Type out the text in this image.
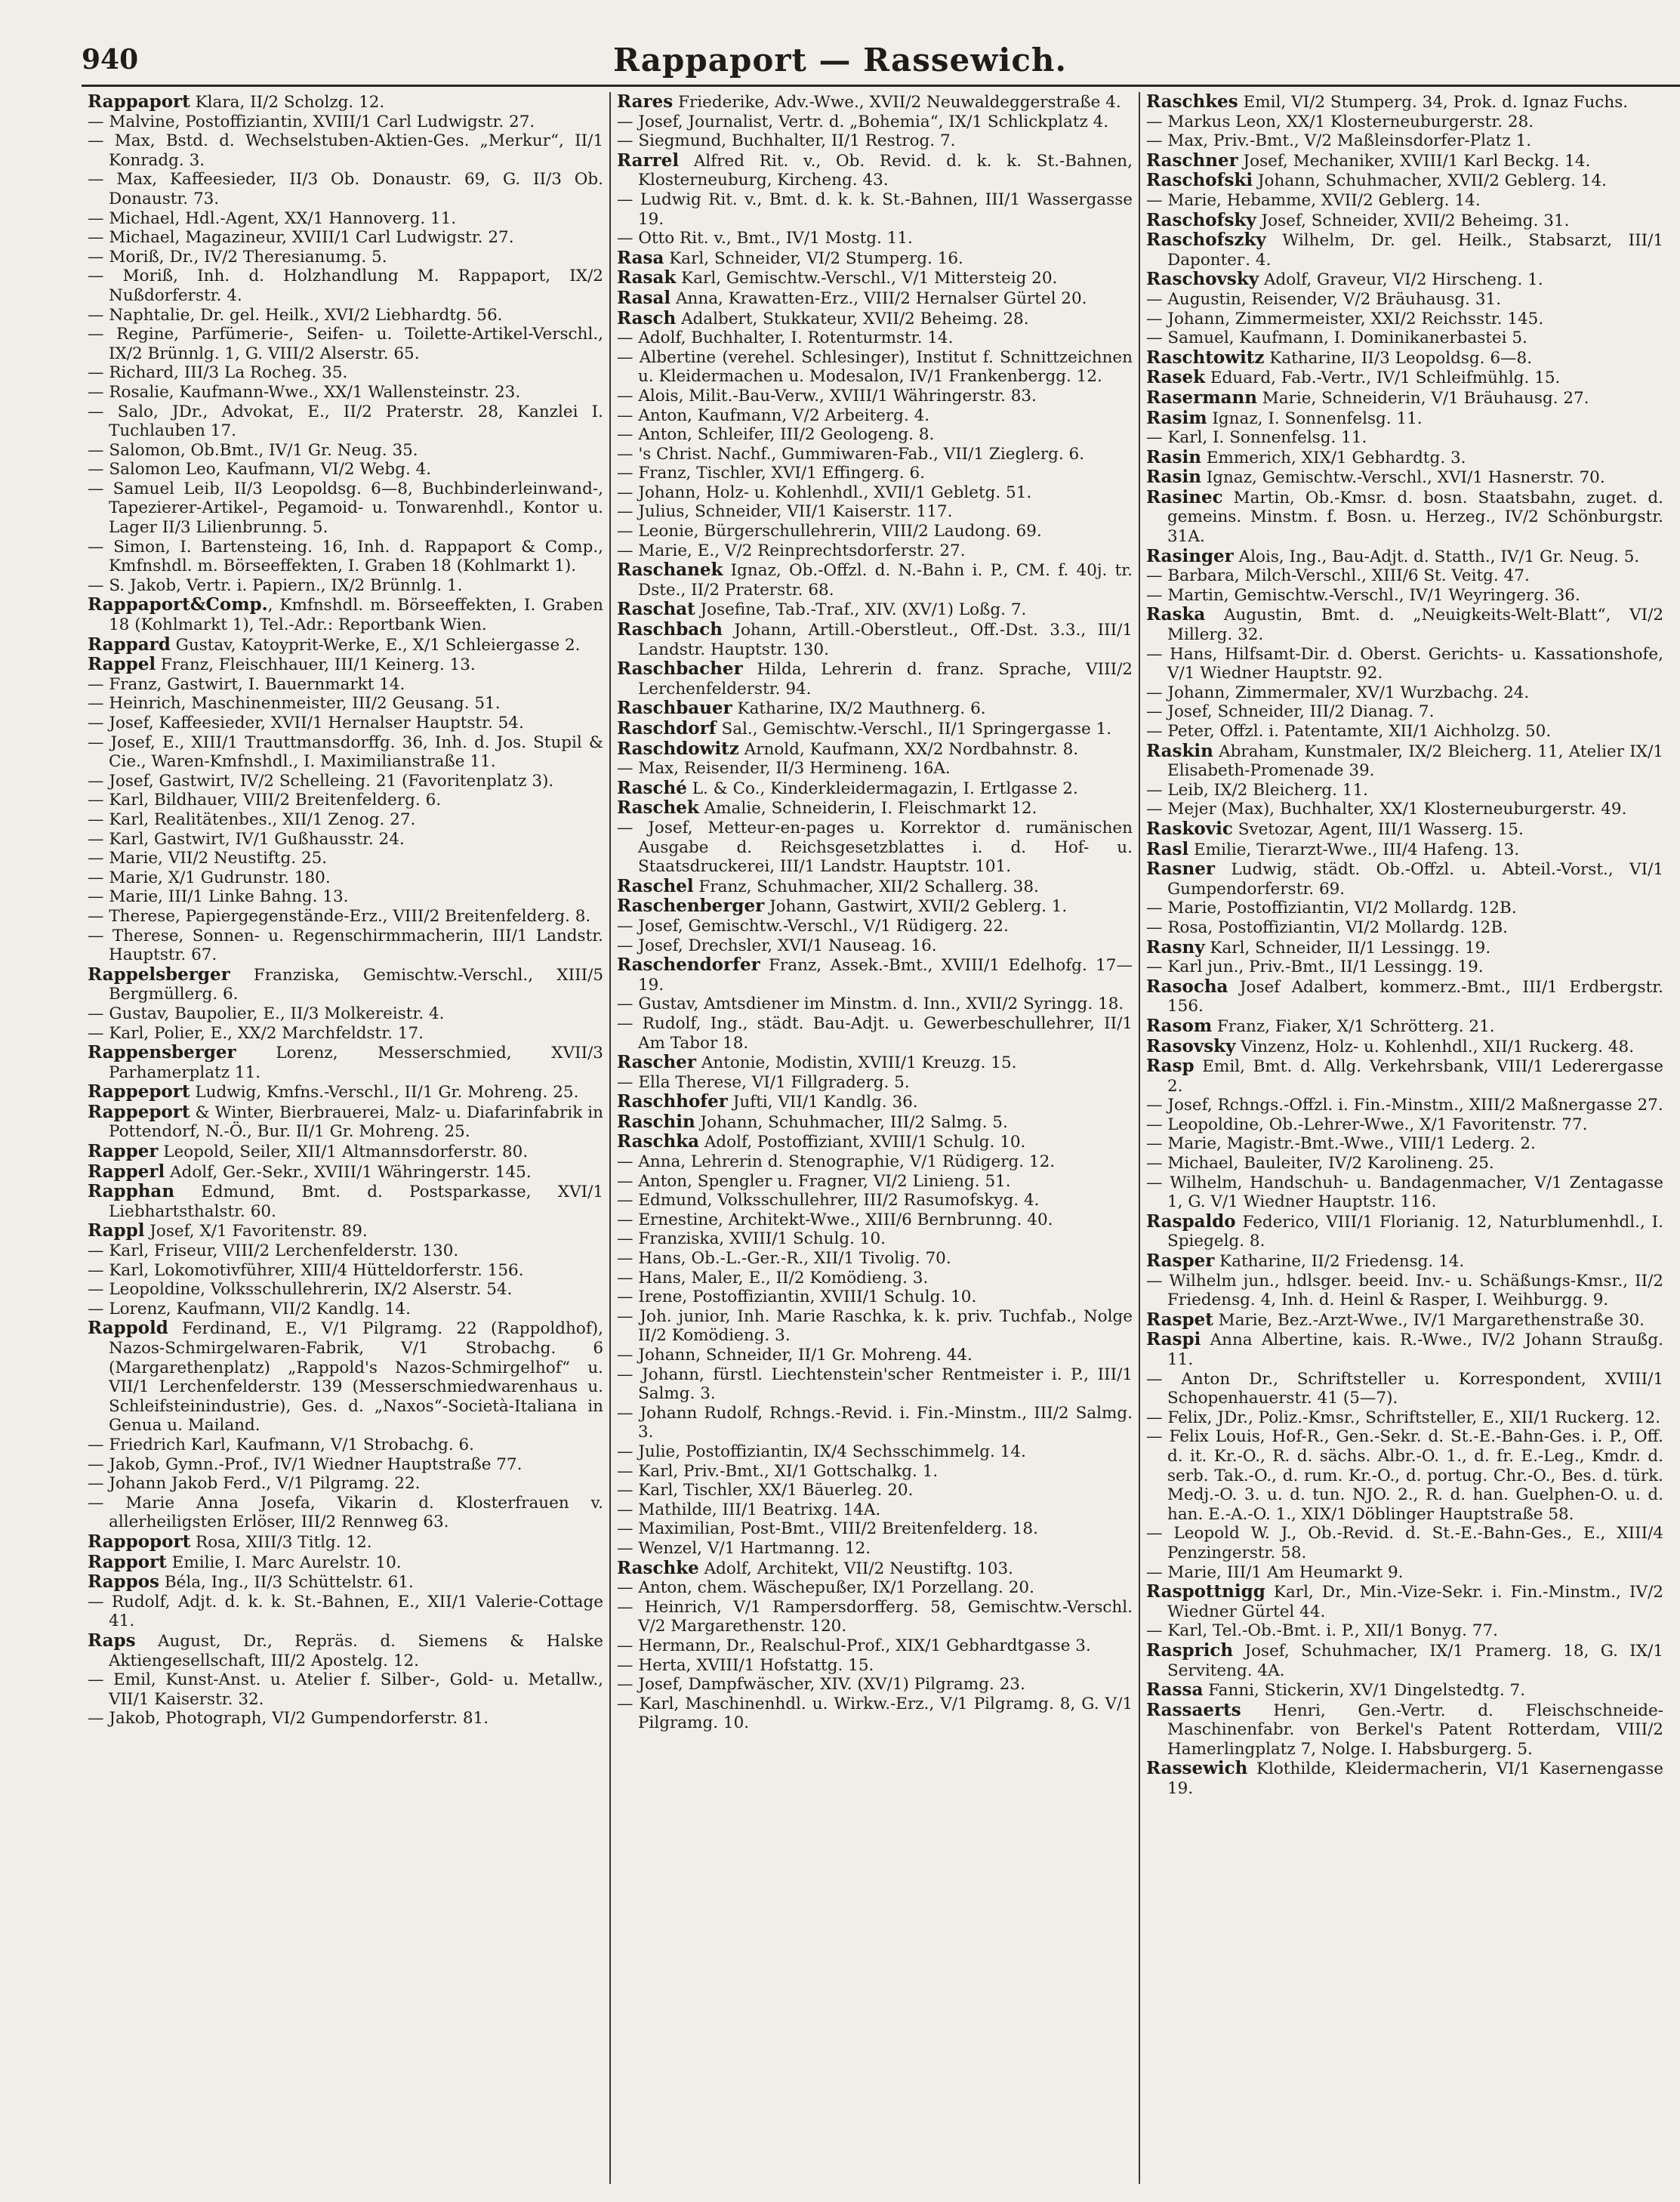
940	Rappaport — Rassewich.

Rappaport Klara, II/2 Scholzg. 12.

— Malvine, Postoffiziantin, XVIII/1 Carl Ludwigstr. 27.

— Max, Bstd. d. Wechselstuben-Aktien-Ges. „Merkur“, II/1 Konradg. 3.

— Max, Kaffeesieder, II/3 Ob. Donaustr. 69, G. II/3 Ob. Donaustr. 73.

— Michael, Hdl.-Agent, XX/1 Hannoverg. 11.

— Michael, Magazineur, XVIII/1 Carl Ludwigstr. 27.

— Moriß, Dr., IV/2 Theresianumg. 5.

— Moriß, Inh. d. Holzhandlung M. Rappaport, IX/2 Nußdorferstr. 4.

— Naphtalie, Dr. gel. Heilk., XVI/2 Liebhardtg. 56.

— Regine, Parfümerie-, Seifen- u. Toilette-Artikel-Verschl., IX/2 Brünnlg. 1, G. VIII/2 Alserstr. 65.

— Richard, III/3 La Rocheg. 35.

— Rosalie, Kaufmann-Wwe., XX/1 Wallensteinstr. 23.

— Salo, JDr., Advokat, E., II/2 Praterstr. 28, Kanzlei I. Tuchlauben 17.

— Salomon, Ob.Bmt., IV/1 Gr. Neug. 35.

— Salomon Leo, Kaufmann, VI/2 Webg. 4.

— Samuel Leib, II/3 Leopoldsg. 6—8, Buchbinderleinwand-, Tapezierer-Artikel-, Pegamoid- u. Tonwarenhdl., Kontor u. Lager II/3 Lilienbrunng. 5.

— Simon, I. Bartensteing. 16, Inh. d. Rappaport & Comp., Kmfnshdl. m. Börseeffekten, I. Graben 18 (Kohlmarkt 1).

— S. Jakob, Vertr. i. Papiern., IX/2 Brünnlg. 1.

Rappaport&Comp., Kmfnshdl. m. Börseeffekten, I. Graben 18 (Kohlmarkt 1), Tel.-Adr.: Reportbank Wien.

Rappard Gustav, Katoyprit-Werke, E., X/1 Schleiergasse 2.

Rappel Franz, Fleischhauer, III/1 Keinerg. 13.

— Franz, Gastwirt, I. Bauernmarkt 14.

— Heinrich, Maschinenmeister, III/2 Geusang. 51.

— Josef, Kaffeesieder, XVII/1 Hernalser Hauptstr. 54.

— Josef, E., XIII/1 Trauttmansdorffg. 36, Inh. d. Jos. Stupil & Cie., Waren-Kmfnshdl., I. Maximilianstraße 11.

— Josef, Gastwirt, IV/2 Schelleing. 21 (Favoritenplatz 3).

— Karl, Bildhauer, VIII/2 Breitenfelderg. 6.

— Karl, Realitätenbes., XII/1 Zenog. 27.

— Karl, Gastwirt, IV/1 Gußhausstr. 24.

— Marie, VII/2 Neustiftg. 25.

— Marie, X/1 Gudrunstr. 180.

— Marie, III/1 Linke Bahng. 13.

— Therese, Papiergegenstände-Erz., VIII/2 Breitenfelderg. 8.

— Therese, Sonnen- u. Regenschirmmacherin, III/1 Landstr. Hauptstr. 67.

Rappelsberger Franziska, Gemischtw.-Verschl., XIII/5 Bergmüllerg. 6.

— Gustav, Baupolier, E., II/3 Molkereistr. 4.

— Karl, Polier, E., XX/2 Marchfeldstr. 17.

Rappensberger Lorenz, Messerschmied, XVII/3 Parhamerplatz 11.

Rappeport Ludwig, Kmfns.-Verschl., II/1 Gr. Mohreng. 25.

Rappeport & Winter, Bierbrauerei, Malz- u. Diafarinfabrik in Pottendorf, N.-Ö., Bur. II/1 Gr. Mohreng. 25.

Rapper Leopold, Seiler, XII/1 Altmannsdorferstr. 80.

Rapperl Adolf, Ger.-Sekr., XVIII/1 Währingerstr. 145.

Rapphan Edmund, Bmt. d. Postsparkasse, XVI/1 Liebhartsthalstr. 60.

Rappl Josef, X/1 Favoritenstr. 89.

— Karl, Friseur, VIII/2 Lerchenfelderstr. 130.

— Karl, Lokomotivführer, XIII/4 Hütteldorferstr. 156.

— Leopoldine, Volksschullehrerin, IX/2 Alserstr. 54.

— Lorenz, Kaufmann, VII/2 Kandlg. 14.

Rappold Ferdinand, E., V/1 Pilgramg. 22 (Rappoldhof), Nazos-Schmirgelwaren-Fabrik, V/1 Strobachg. 6 (Margarethenplatz) „Rappold's Nazos-Schmirgelhof“ u. VII/1 Lerchenfelderstr. 139 (Messerschmiedwarenhaus u. Schleifsteinindustrie), Ges. d. „Naxos“-Società-Italiana in Genua u. Mailand.

— Friedrich Karl, Kaufmann, V/1 Strobachg. 6.

— Jakob, Gymn.-Prof., IV/1 Wiedner Hauptstraße 77.

— Johann Jakob Ferd., V/1 Pilgramg. 22.

— Marie Anna Josefa, Vikarin d. Klosterfrauen v. allerheiligsten Erlöser, III/2 Rennweg 63.

Rappoport Rosa, XIII/3 Titlg. 12.

Rapport Emilie, I. Marc Aurelstr. 10.

Rappos Béla, Ing., II/3 Schüttelstr. 61.

— Rudolf, Adjt. d. k. k. St.-Bahnen, E., XII/1 Valerie-Cottage 41.

Raps August, Dr., Repräs. d. Siemens & Halske Aktiengesellschaft, III/2 Apostelg. 12.

— Emil, Kunst-Anst. u. Atelier f. Silber-, Gold- u. Metallw., VII/1 Kaiserstr. 32.

— Jakob, Photograph, VI/2 Gumpendorferstr. 81.

Rares Friederike, Adv.-Wwe., XVII/2 Neuwaldeggerstraße 4.

— Josef, Journalist, Vertr. d. „Bohemia“, IX/1 Schlickplatz 4.

— Siegmund, Buchhalter, II/1 Restrog. 7.

Rarrel Alfred Rit. v., Ob. Revid. d. k. k. St.-Bahnen, Klosterneuburg, Kircheng. 43.

— Ludwig Rit. v., Bmt. d. k. k. St.-Bahnen, III/1 Wassergasse 19.

— Otto Rit. v., Bmt., IV/1 Mostg. 11.

Rasa Karl, Schneider, VI/2 Stumperg. 16.

Rasak Karl, Gemischtw.-Verschl., V/1 Mittersteig 20.

Rasal Anna, Krawatten-Erz., VIII/2 Hernalser Gürtel 20.

Rasch Adalbert, Stukkateur, XVII/2 Beheimg. 28.

— Adolf, Buchhalter, I. Rotenturmstr. 14.

— Albertine (verehel. Schlesinger), Institut f. Schnittzeichnen u. Kleidermachen u. Modesalon, IV/1 Frankenbergg. 12.

— Alois, Milit.-Bau-Verw., XVIII/1 Währingerstr. 83.

— Anton, Kaufmann, V/2 Arbeiterg. 4.

— Anton, Schleifer, III/2 Geologeng. 8.

— 's Christ. Nachf., Gummiwaren-Fab., VII/1 Zieglerg. 6.

— Franz, Tischler, XVI/1 Effingerg. 6.

— Johann, Holz- u. Kohlenhdl., XVII/1 Gebletg. 51.

— Julius, Schneider, VII/1 Kaiserstr. 117.

— Leonie, Bürgerschullehrerin, VIII/2 Laudong. 69.

— Marie, E., V/2 Reinprechtsdorferstr. 27.

Raschanek Ignaz, Ob.-Offzl. d. N.-Bahn i. P., CM. f. 40j. tr. Dste., II/2 Praterstr. 68.

Raschat Josefine, Tab.-Traf., XIV. (XV/1) Loßg. 7.

Raschbach Johann, Artill.-Oberstleut., Off.-Dst. 3.3., III/1 Landstr. Hauptstr. 130.

Raschbacher Hilda, Lehrerin d. franz. Sprache, VIII/2 Lerchenfelderstr. 94.

Raschbauer Katharine, IX/2 Mauthnerg. 6.

Raschdorf Sal., Gemischtw.-Verschl., II/1 Springergasse 1.

Raschdowitz Arnold, Kaufmann, XX/2 Nordbahnstr. 8.

— Max, Reisender, II/3 Hermineng. 16A.

Rasché L. & Co., Kinderkleidermagazin, I. Ertlgasse 2.

Raschek Amalie, Schneiderin, I. Fleischmarkt 12.

— Josef, Metteur-en-pages u. Korrektor d. rumänischen Ausgabe d. Reichsgesetzblattes i. d. Hof- u. Staatsdruckerei, III/1 Landstr. Hauptstr. 101.

Raschel Franz, Schuhmacher, XII/2 Schallerg. 38.

Raschenberger Johann, Gastwirt, XVII/2 Geblerg. 1.

— Josef, Gemischtw.-Verschl., V/1 Rüdigerg. 22.

— Josef, Drechsler, XVI/1 Nauseag. 16.

Raschendorfer Franz, Assek.-Bmt., XVIII/1 Edelhofg. 17—19.

— Gustav, Amtsdiener im Minstm. d. Inn., XVII/2 Syringg. 18.

— Rudolf, Ing., städt. Bau-Adjt. u. Gewerbeschullehrer, II/1 Am Tabor 18.

Rascher Antonie, Modistin, XVIII/1 Kreuzg. 15.

— Ella Therese, VI/1 Fillgraderg. 5.

Raschhofer Jufti, VII/1 Kandlg. 36.

Raschin Johann, Schuhmacher, III/2 Salmg. 5.

Raschka Adolf, Postoffiziant, XVIII/1 Schulg. 10.

— Anna, Lehrerin d. Stenographie, V/1 Rüdigerg. 12.

— Anton, Spengler u. Fragner, VI/2 Linieng. 51.

— Edmund, Volksschullehrer, III/2 Rasumofskyg. 4.

— Ernestine, Architekt-Wwe., XIII/6 Bernbrunng. 40.

— Franziska, XVIII/1 Schulg. 10.

— Hans, Ob.-L.-Ger.-R., XII/1 Tivolig. 70.

— Hans, Maler, E., II/2 Komödieng. 3.

— Irene, Postoffiziantin, XVIII/1 Schulg. 10.

— Joh. junior, Inh. Marie Raschka, k. k. priv. Tuchfab., Nolge II/2 Komödieng. 3.

— Johann, Schneider, II/1 Gr. Mohreng. 44.

— Johann, fürstl. Liechtenstein'scher Rentmeister i. P., III/1 Salmg. 3.

— Johann Rudolf, Rchngs.-Revid. i. Fin.-Minstm., III/2 Salmg. 3.

— Julie, Postoffiziantin, IX/4 Sechsschimmelg. 14.

— Karl, Priv.-Bmt., XI/1 Gottschalkg. 1.

— Karl, Tischler, XX/1 Bäuerleg. 20.

— Mathilde, III/1 Beatrixg. 14A.

— Maximilian, Post-Bmt., VIII/2 Breitenfelderg. 18.

— Wenzel, V/1 Hartmanng. 12.

Raschke Adolf, Architekt, VII/2 Neustiftg. 103.

— Anton, chem. Wäschepußer, IX/1 Porzellang. 20.

— Heinrich, V/1 Rampersdorfferg. 58, Gemischtw.-Verschl. V/2 Margarethenstr. 120.

— Hermann, Dr., Realschul-Prof., XIX/1 Gebhardtgasse 3.

— Herta, XVIII/1 Hofstattg. 15.

— Josef, Dampfwäscher, XIV. (XV/1) Pilgramg. 23.

— Karl, Maschinenhdl. u. Wirkw.-Erz., V/1 Pilgramg. 8, G. V/1 Pilgramg. 10.

Raschkes Emil, VI/2 Stumperg. 34, Prok. d. Ignaz Fuchs.

— Markus Leon, XX/1 Klosterneuburgerstr. 28.

— Max, Priv.-Bmt., V/2 Maßleinsdorfer-Platz 1.

Raschner Josef, Mechaniker, XVIII/1 Karl Beckg. 14.

Raschofski Johann, Schuhmacher, XVII/2 Geblerg. 14.

— Marie, Hebamme, XVII/2 Geblerg. 14.

Raschofsky Josef, Schneider, XVII/2 Beheimg. 31.

Raschofszky Wilhelm, Dr. gel. Heilk., Stabsarzt, III/1 Dapontег. 4.

Raschovsky Adolf, Graveur, VI/2 Hirscheng. 1.

— Augustin, Reisender, V/2 Bräuhausg. 31.

— Johann, Zimmermeister, XXI/2 Reichsstr. 145.

— Samuel, Kaufmann, I. Dominikanerbastei 5.

Raschtowitz Katharine, II/3 Leopoldsg. 6—8.

Rasek Eduard, Fab.-Vertr., IV/1 Schleifmühlg. 15.

Rasermann Marie, Schneiderin, V/1 Bräuhausg. 27.

Rasim Ignaz, I. Sonnenfelsg. 11.

— Karl, I. Sonnenfelsg. 11.

Rasin Emmerich, XIX/1 Gebhardtg. 3.

Rasin Ignaz, Gemischtw.-Verschl., XVI/1 Hasnerstr. 70.

Rasinec Martin, Ob.-Kmsr. d. bosn. Staatsbahn, zuget. d. gemeins. Minstm. f. Bosn. u. Herzeg., IV/2 Schönburgstr. 31A.

Rasinger Alois, Ing., Bau-Adjt. d. Statth., IV/1 Gr. Neug. 5.

— Barbara, Milch-Verschl., XIII/6 St. Veitg. 47.

— Martin, Gemischtw.-Verschl., IV/1 Weyringerg. 36.

Raska Augustin, Bmt. d. „Neuigkeits-Welt-Blatt“, VI/2 Millerg. 32.

— Hans, Hilfsamt-Dir. d. Oberst. Gerichts- u. Kassationshofe, V/1 Wiedner Hauptstr. 92.

— Johann, Zimmermaler, XV/1 Wurzbachg. 24.

— Josef, Schneider, III/2 Dianag. 7.

— Peter, Offzl. i. Patentamte, XII/1 Aichholzg. 50.

Raskin Abraham, Kunstmaler, IX/2 Bleicherg. 11, Atelier IX/1 Elisabeth-Promenade 39.

— Leib, IX/2 Bleicherg. 11.

— Mejer (Max), Buchhalter, XX/1 Klosterneuburgerstr. 49.

Raskovic Svetozar, Agent, III/1 Wasserg. 15.

Rasl Emilie, Tierarzt-Wwe., III/4 Hafeng. 13.

Rasner Ludwig, städt. Ob.-Offzl. u. Abteil.-Vorst., VI/1 Gumpendorferstr. 69.

— Marie, Postoffiziantin, VI/2 Mollardg. 12B.

— Rosa, Postoffiziantin, VI/2 Mollardg. 12B.

Rasny Karl, Schneider, II/1 Lessingg. 19.

— Karl jun., Priv.-Bmt., II/1 Lessingg. 19.

Rasocha Josef Adalbert, kommerz.-Bmt., III/1 Erdbergstr. 156.

Rasom Franz, Fiaker, X/1 Schrötterg. 21.

Rasovsky Vinzenz, Holz- u. Kohlenhdl., XII/1 Ruckerg. 48.

Rasp Emil, Bmt. d. Allg. Verkehrsbank, VIII/1 Lederergasse 2.

— Josef, Rchngs.-Offzl. i. Fin.-Minstm., XIII/2 Maßnergasse 27.

— Leopoldine, Ob.-Lehrer-Wwe., X/1 Favoritenstr. 77.

— Marie, Magistr.-Bmt.-Wwe., VIII/1 Lederg. 2.

— Michael, Bauleiter, IV/2 Karolineng. 25.

— Wilhelm, Handschuh- u. Bandagenmacher, V/1 Zentagasse 1, G. V/1 Wiedner Hauptstr. 116.

Raspaldo Federico, VIII/1 Florianig. 12, Naturblumenhdl., I. Spiegelg. 8.

Rasper Katharine, II/2 Friedensg. 14.

— Wilhelm jun., hdlsger. beeid. Inv.- u. Schäßungs-Kmsr., II/2 Friedensg. 4, Inh. d. Heinl & Rasper, I. Weihburgg. 9.

Raspet Marie, Bez.-Arzt-Wwe., IV/1 Margarethenstraße 30.

Raspi Anna Albertine, kais. R.-Wwe., IV/2 Johann Straußg. 11.

— Anton Dr., Schriftsteller u. Korrespondent, XVIII/1 Schopenhauerstr. 41 (5—7).

— Felix, JDr., Poliz.-Kmsr., Schriftsteller, E., XII/1 Ruckerg. 12.

— Felix Louis, Hof-R., Gen.-Sekr. d. St.-E.-Bahn-Ges. i. P., Off. d. it. Kr.-O., R. d. sächs. Albr.-O. 1., d. fr. E.-Leg., Kmdr. d. serb. Tak.-O., d. rum. Kr.-O., d. portug. Chr.-O., Bes. d. türk. Medj.-O. 3. u. d. tun. NJO. 2., R. d. han. Guelphen-O. u. d. han. E.-A.-O. 1., XIX/1 Döblinger Hauptstraße 58.

— Leopold W. J., Ob.-Revid. d. St.-E.-Bahn-Ges., E., XIII/4 Penzingerstr. 58.

— Marie, III/1 Am Heumarkt 9.

Raspottnigg Karl, Dr., Min.-Vize-Sekr. i. Fin.-Minstm., IV/2 Wiedner Gürtel 44.

— Karl, Tel.-Ob.-Bmt. i. P., XII/1 Bonyg. 77.

Rasprich Josef, Schuhmacher, IX/1 Pramerg. 18, G. IX/1 Serviteng. 4A.

Rassa Fanni, Stickerin, XV/1 Dingelstedtg. 7.

Rassaerts Henri, Gen.-Vertr. d. Fleischschneide-Maschinenfabr. von Berkel's Patent Rotterdam, VIII/2 Hamerlingplatz 7, Nolge. I. Habsburgerg. 5.

Rassewich Klothilde, Kleidermacherin, VI/1 Kasernengasse 19.
